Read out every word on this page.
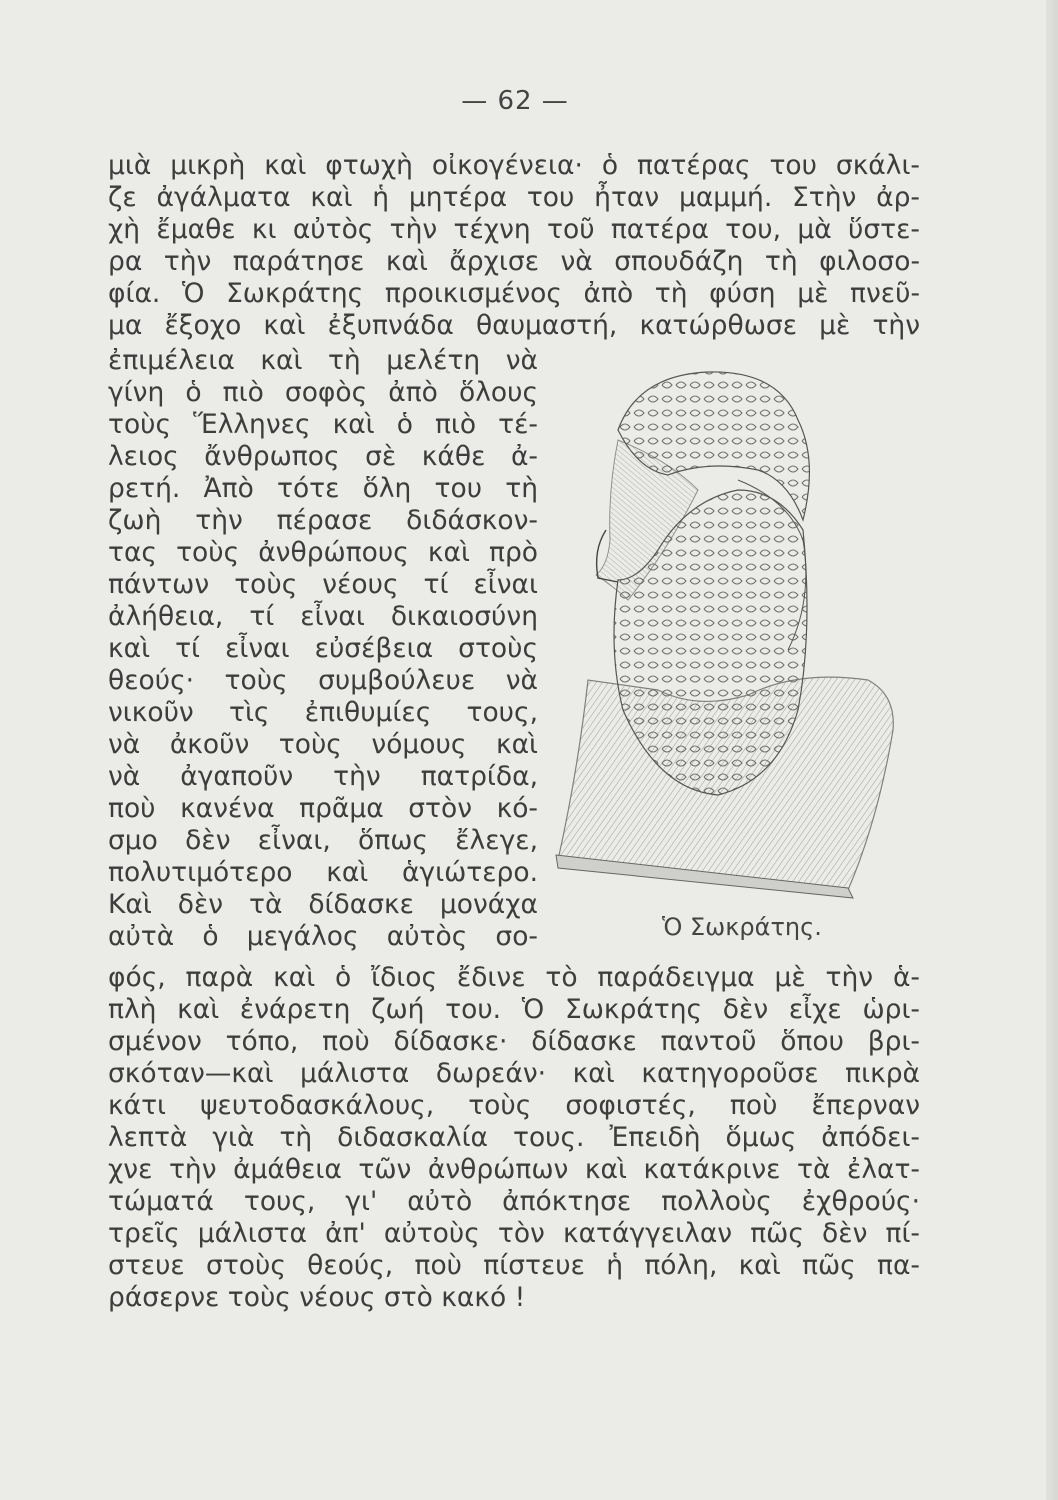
— 62 —
μιὰ μικρὴ καὶ φτωχὴ οἰκογένεια· ὁ πατέρας του σκάλι-
ζε ἀγάλματα καὶ ἡ μητέρα του ἦταν μαμμή. Στὴν ἀρ-
χὴ ἔμαθε κι αὐτὸς τὴν τέχνη τοῦ πατέρα του, μὰ ὕστε-
ρα τὴν παράτησε καὶ ἄρχισε νὰ σπουδάζη τὴ φιλοσο-
φία. Ὁ Σωκράτης προικισμένος ἀπὸ τὴ φύση μὲ πνεῦ-
μα ἔξοχο καὶ ἐξυπνάδα θαυμαστή, κατώρθωσε μὲ τὴν
ἐπιμέλεια καὶ τὴ μελέτη νὰ
γίνη ὁ πιὸ σοφὸς ἀπὸ ὅλους
τοὺς Ἕλληνες καὶ ὁ πιὸ τέ-
λειος ἄνθρωπος σὲ κάθε ἀ-
ρετή. Ἀπὸ τότε ὅλη του τὴ
ζωὴ τὴν πέρασε διδάσκον-
τας τοὺς ἀνθρώπους καὶ πρὸ
πάντων τοὺς νέους τί εἶναι
ἀλήθεια, τί εἶναι δικαιοσύνη
καὶ τί εἶναι εὐσέβεια στοὺς
θεούς· τοὺς συμβούλευε νὰ
νικοῦν τὶς ἐπιθυμίες τους,
νὰ ἀκοῦν τοὺς νόμους καὶ
νὰ ἀγαποῦν τὴν πατρίδα,
ποὺ κανένα πρᾶμα στὸν κό-
σμο δὲν εἶναι, ὅπως ἔλεγε,
πολυτιμότερο καὶ ἁγιώτερο.
Καὶ δὲν τὰ δίδασκε μονάχα
αὐτὰ ὁ μεγάλος αὐτὸς σο-	Ὁ Σωκράτης.
φός, παρὰ καὶ ὁ ἴδιος ἔδινε τὸ παράδειγμα μὲ τὴν ἁ-
πλὴ καὶ ἐνάρετη ζωή του. Ὁ Σωκράτης δὲν εἶχε ὡρι-
σμένον τόπο, ποὺ δίδασκε· δίδασκε παντοῦ ὅπου βρι-
σκόταν—καὶ μάλιστα δωρεάν· καὶ κατηγοροῦσε πικρὰ
κάτι ψευτοδασκάλους, τοὺς σοφιστές, ποὺ ἔπερναν
λεπτὰ γιὰ τὴ διδασκαλία τους. Ἐπειδὴ ὅμως ἀπόδει-
χνε τὴν ἀμάθεια τῶν ἀνθρώπων καὶ κατάκρινε τὰ ἐλατ-
τώματά τους, γι' αὐτὸ ἀπόκτησε πολλοὺς ἐχθρούς·
τρεῖς μάλιστα ἀπ' αὐτοὺς τὸν κατάγγειλαν πῶς δὲν πί-
στευε στοὺς θεούς, ποὺ πίστευε ἡ πόλη, καὶ πῶς πα-
ράσερνε τοὺς νέους στὸ κακό !
